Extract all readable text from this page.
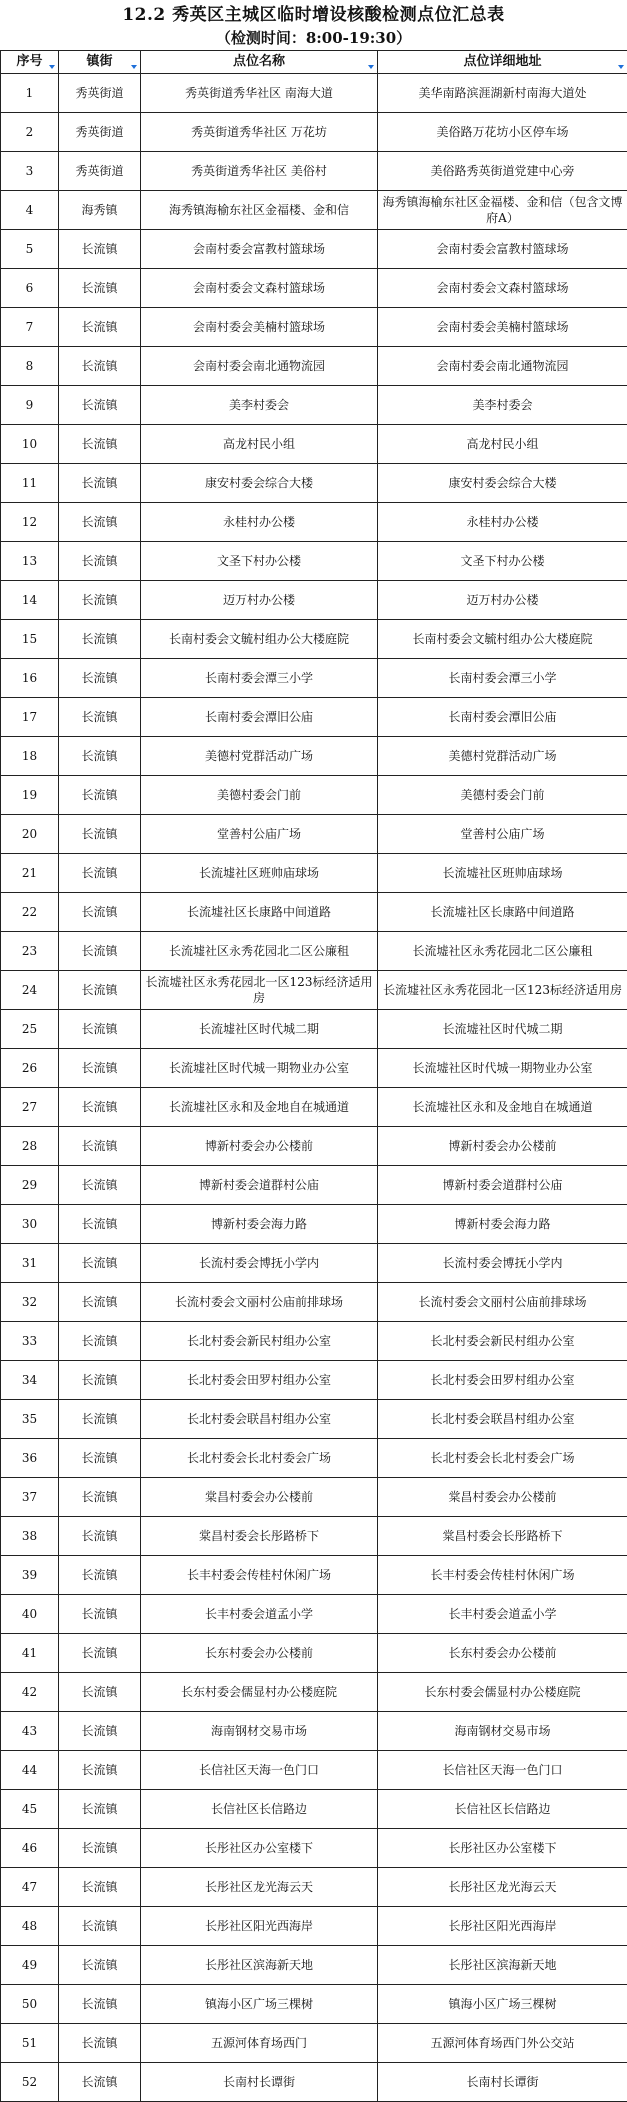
12.2 秀英区主城区临时增设核酸检测点位汇总表
（检测时间：8:00-19:30）
序号	镇街	点位名称	点位详细地址

1	秀英街道	秀英街道秀华社区 南海大道	美华南路滨涯湖新村南海大道处
2	秀英街道	秀英街道秀华社区 万花坊	美俗路万花坊小区停车场
3	秀英街道	秀英街道秀华社区 美俗村	美俗路秀英街道党建中心旁
4	海秀镇	海秀镇海榆东社区金福楼、金和信	海秀镇海榆东社区金福楼、金和信（包含文博府A）
5	长流镇	会南村委会富教村篮球场	会南村委会富教村篮球场
6	长流镇	会南村委会文森村篮球场	会南村委会文森村篮球场
7	长流镇	会南村委会美楠村篮球场	会南村委会美楠村篮球场
8	长流镇	会南村委会南北通物流园	会南村委会南北通物流园
9	长流镇	美李村委会	美李村委会
10	长流镇	高龙村民小组	高龙村民小组
11	长流镇	康安村委会综合大楼	康安村委会综合大楼
12	长流镇	永桂村办公楼	永桂村办公楼
13	长流镇	文圣下村办公楼	文圣下村办公楼
14	长流镇	迈万村办公楼	迈万村办公楼
15	长流镇	长南村委会文毓村组办公大楼庭院	长南村委会文毓村组办公大楼庭院
16	长流镇	长南村委会潭三小学	长南村委会潭三小学
17	长流镇	长南村委会潭旧公庙	长南村委会潭旧公庙
18	长流镇	美德村党群活动广场	美德村党群活动广场
19	长流镇	美德村委会门前	美德村委会门前
20	长流镇	堂善村公庙广场	堂善村公庙广场
21	长流镇	长流墟社区班帅庙球场	长流墟社区班帅庙球场
22	长流镇	长流墟社区长康路中间道路	长流墟社区长康路中间道路
23	长流镇	长流墟社区永秀花园北二区公廉租	长流墟社区永秀花园北二区公廉租
24	长流镇	长流墟社区永秀花园北一区123标经济适用房	长流墟社区永秀花园北一区123标经济适用房
25	长流镇	长流墟社区时代城二期	长流墟社区时代城二期
26	长流镇	长流墟社区时代城一期物业办公室	长流墟社区时代城一期物业办公室
27	长流镇	长流墟社区永和及金地自在城通道	长流墟社区永和及金地自在城通道
28	长流镇	博新村委会办公楼前	博新村委会办公楼前
29	长流镇	博新村委会道群村公庙	博新村委会道群村公庙
30	长流镇	博新村委会海力路	博新村委会海力路
31	长流镇	长流村委会博抚小学内	长流村委会博抚小学内
32	长流镇	长流村委会文丽村公庙前排球场	长流村委会文丽村公庙前排球场
33	长流镇	长北村委会新民村组办公室	长北村委会新民村组办公室
34	长流镇	长北村委会田罗村组办公室	长北村委会田罗村组办公室
35	长流镇	长北村委会联昌村组办公室	长北村委会联昌村组办公室
36	长流镇	长北村委会长北村委会广场	长北村委会长北村委会广场
37	长流镇	棠昌村委会办公楼前	棠昌村委会办公楼前
38	长流镇	棠昌村委会长彤路桥下	棠昌村委会长彤路桥下
39	长流镇	长丰村委会传桂村休闲广场	长丰村委会传桂村休闲广场
40	长流镇	长丰村委会道孟小学	长丰村委会道孟小学
41	长流镇	长东村委会办公楼前	长东村委会办公楼前
42	长流镇	长东村委会儒显村办公楼庭院	长东村委会儒显村办公楼庭院
43	长流镇	海南钢材交易市场	海南钢材交易市场
44	长流镇	长信社区天海一色门口	长信社区天海一色门口
45	长流镇	长信社区长信路边	长信社区长信路边
46	长流镇	长彤社区办公室楼下	长彤社区办公室楼下
47	长流镇	长彤社区龙光海云天	长彤社区龙光海云天
48	长流镇	长彤社区阳光西海岸	长彤社区阳光西海岸
49	长流镇	长彤社区滨海新天地	长彤社区滨海新天地
50	长流镇	镇海小区广场三棵树	镇海小区广场三棵树
51	长流镇	五源河体育场西门	五源河体育场西门外公交站
52	长流镇	长南村长谭街	长南村长谭街
